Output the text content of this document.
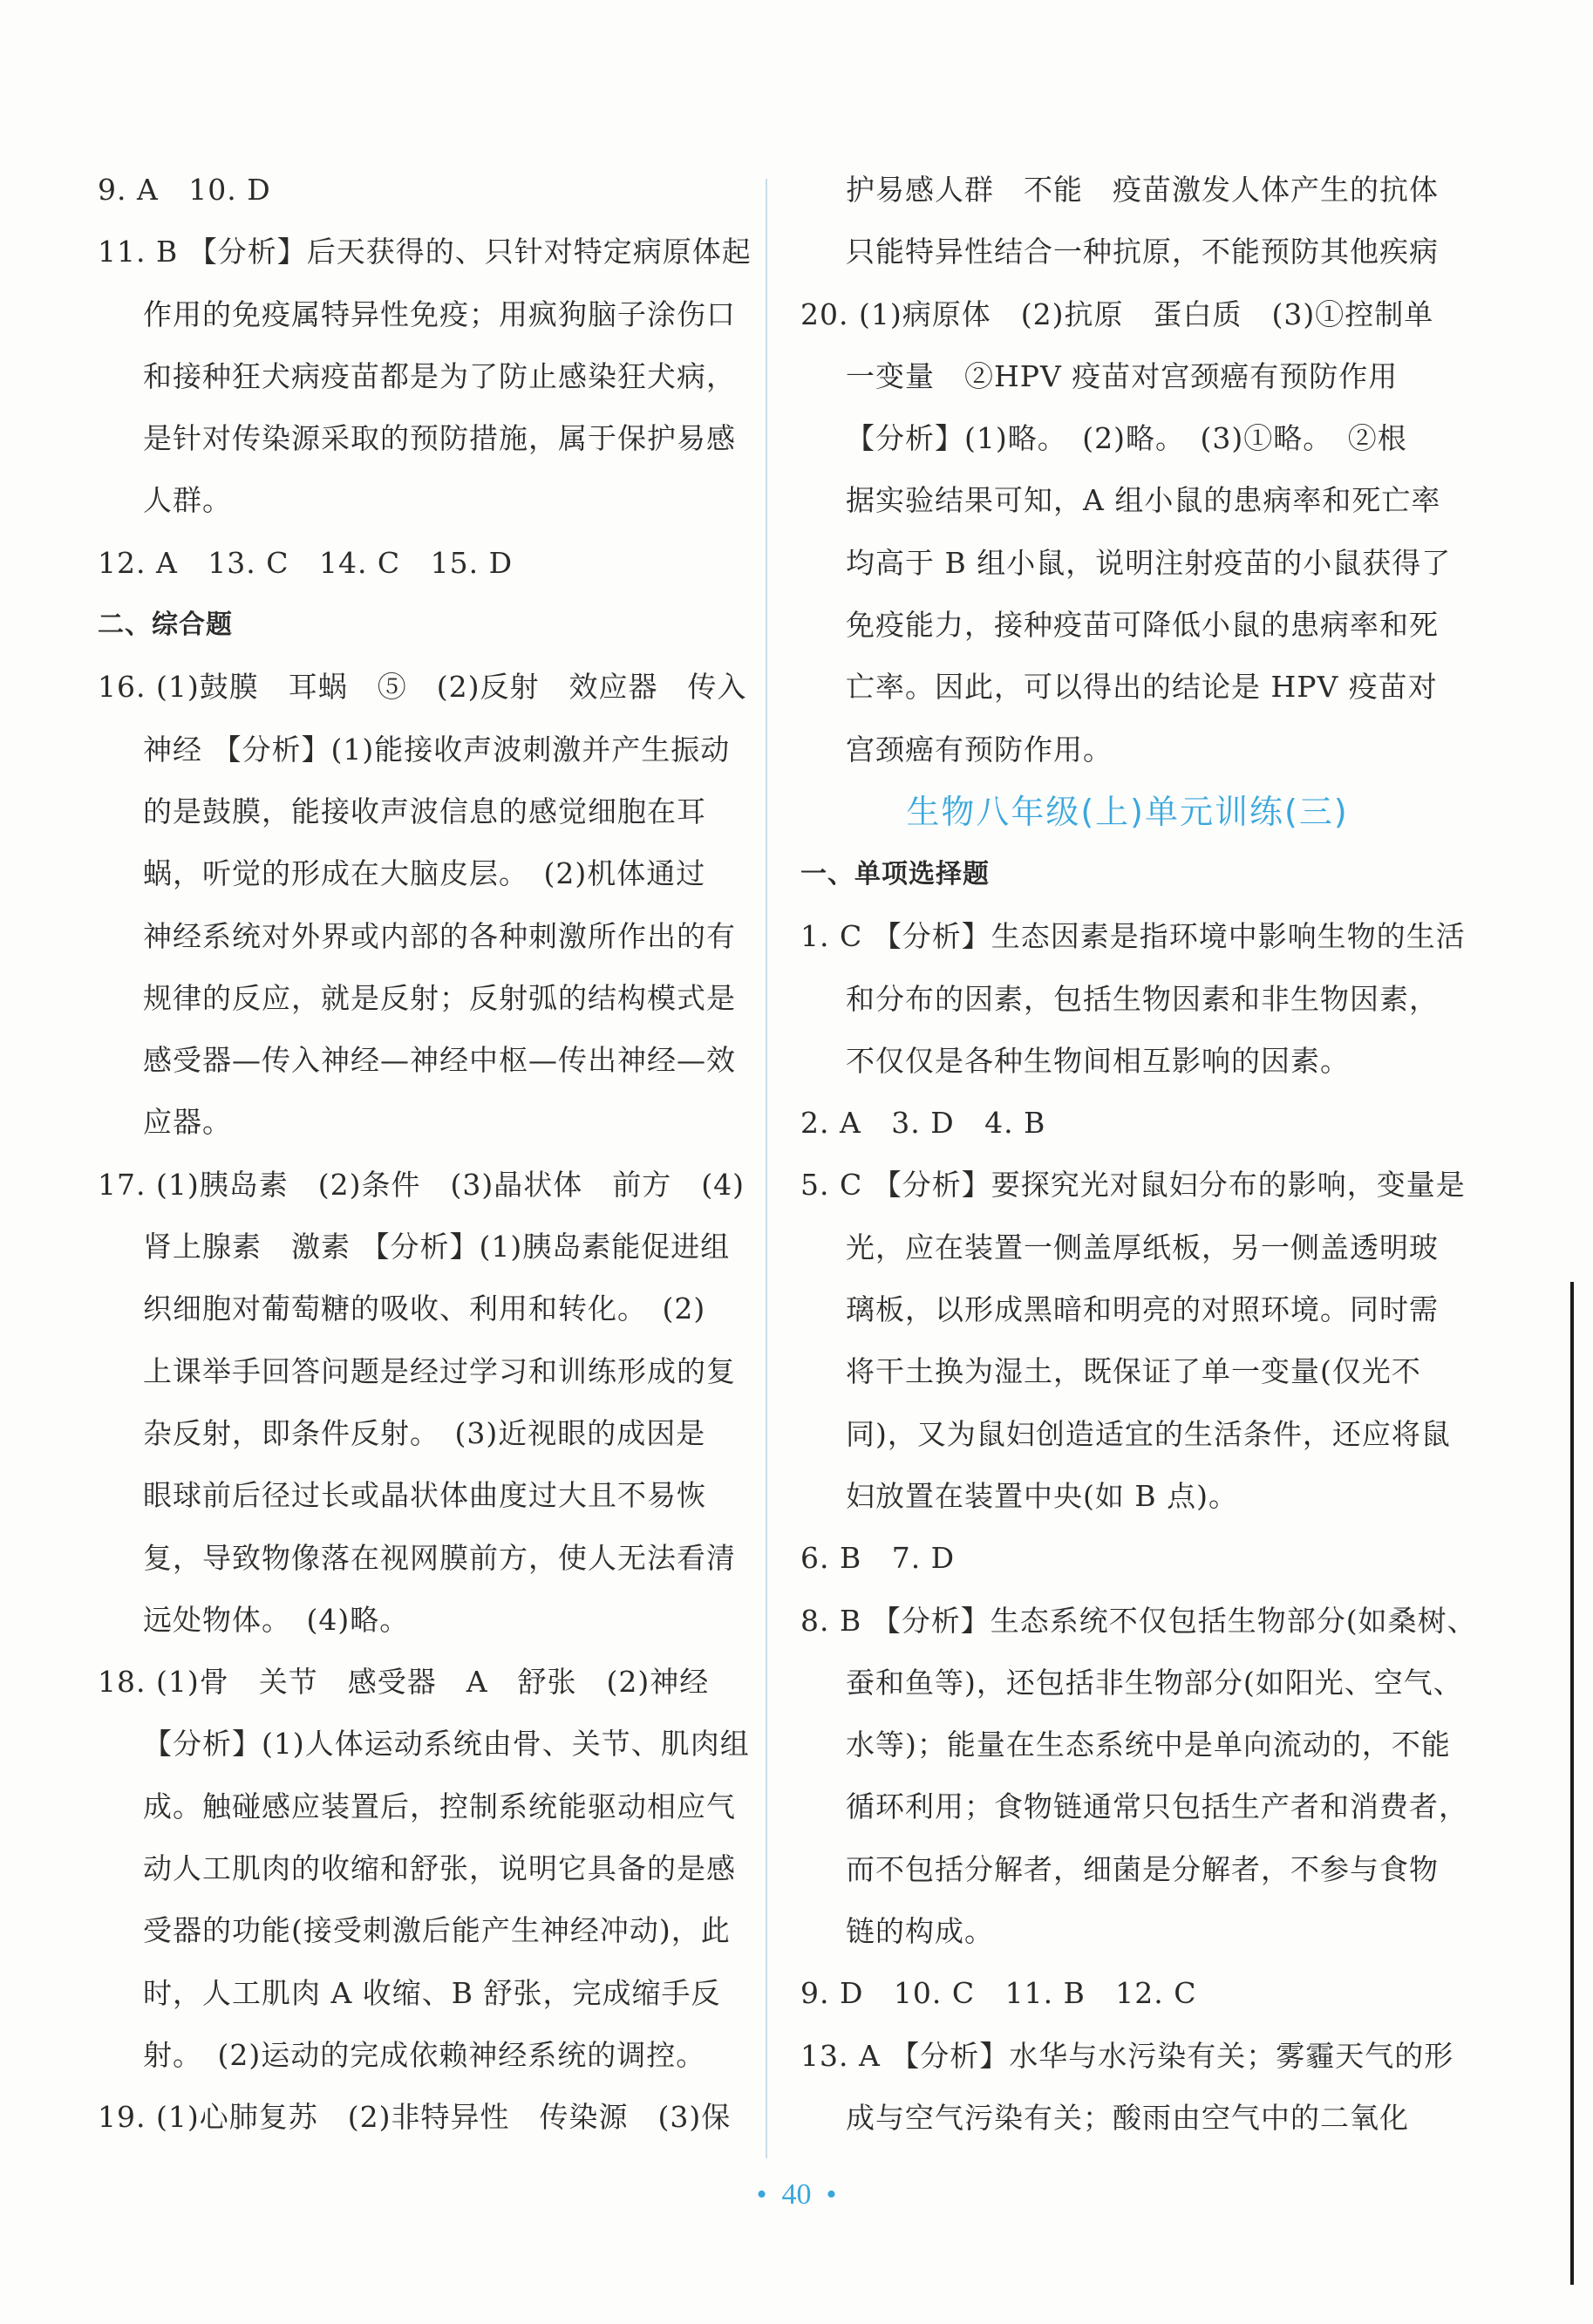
9. A   10. D
11. B 【分析】后天获得的、只针对特定病原体起
作用的免疫属特异性免疫；用疯狗脑子涂伤口
和接种狂犬病疫苗都是为了防止感染狂犬病，
是针对传染源采取的预防措施，属于保护易感
人群。
12. A   13. C   14. C   15. D
二、综合题
16. (1)鼓膜　耳蜗　⑤　(2)反射　效应器　传入
神经 【分析】(1)能接收声波刺激并产生振动
的是鼓膜，能接收声波信息的感觉细胞在耳
蜗，听觉的形成在大脑皮层。　(2)机体通过
神经系统对外界或内部的各种刺激所作出的有
规律的反应，就是反射；反射弧的结构模式是
感受器—传入神经—神经中枢—传出神经—效
应器。
17. (1)胰岛素　(2)条件　(3)晶状体　前方　(4)
肾上腺素　激素 【分析】(1)胰岛素能促进组
织细胞对葡萄糖的吸收、利用和转化。　(2)
上课举手回答问题是经过学习和训练形成的复
杂反射，即条件反射。　(3)近视眼的成因是
眼球前后径过长或晶状体曲度过大且不易恢
复，导致物像落在视网膜前方，使人无法看清
远处物体。　(4)略。
18. (1)骨　关节　感受器　A　舒张　(2)神经
【分析】(1)人体运动系统由骨、关节、肌肉组
成。触碰感应装置后，控制系统能驱动相应气
动人工肌肉的收缩和舒张，说明它具备的是感
受器的功能(接受刺激后能产生神经冲动)，此
时，人工肌肉 A 收缩、B 舒张，完成缩手反
射。　(2)运动的完成依赖神经系统的调控。
19. (1)心肺复苏　(2)非特异性　传染源　(3)保
护易感人群　不能　疫苗激发人体产生的抗体
只能特异性结合一种抗原，不能预防其他疾病
20. (1)病原体　(2)抗原　蛋白质　(3)①控制单
一变量　②HPV 疫苗对宫颈癌有预防作用
【分析】(1)略。　(2)略。　(3)①略。　②根
据实验结果可知，A 组小鼠的患病率和死亡率
均高于 B 组小鼠，说明注射疫苗的小鼠获得了
免疫能力，接种疫苗可降低小鼠的患病率和死
亡率。因此，可以得出的结论是 HPV 疫苗对
宫颈癌有预防作用。
生物八年级(上)单元训练(三)
一、单项选择题
1. C 【分析】生态因素是指环境中影响生物的生活
和分布的因素，包括生物因素和非生物因素，
不仅仅是各种生物间相互影响的因素。
2. A   3. D   4. B
5. C 【分析】要探究光对鼠妇分布的影响，变量是
光，应在装置一侧盖厚纸板，另一侧盖透明玻
璃板，以形成黑暗和明亮的对照环境。同时需
将干土换为湿土，既保证了单一变量(仅光不
同)，又为鼠妇创造适宜的生活条件，还应将鼠
妇放置在装置中央(如 B 点)。
6. B   7. D
8. B 【分析】生态系统不仅包括生物部分(如桑树、
蚕和鱼等)，还包括非生物部分(如阳光、空气、
水等)；能量在生态系统中是单向流动的，不能
循环利用；食物链通常只包括生产者和消费者，
而不包括分解者，细菌是分解者，不参与食物
链的构成。
9. D   10. C   11. B   12. C
13. A 【分析】水华与水污染有关；雾霾天气的形
成与空气污染有关；酸雨由空气中的二氧化
•  40  •
